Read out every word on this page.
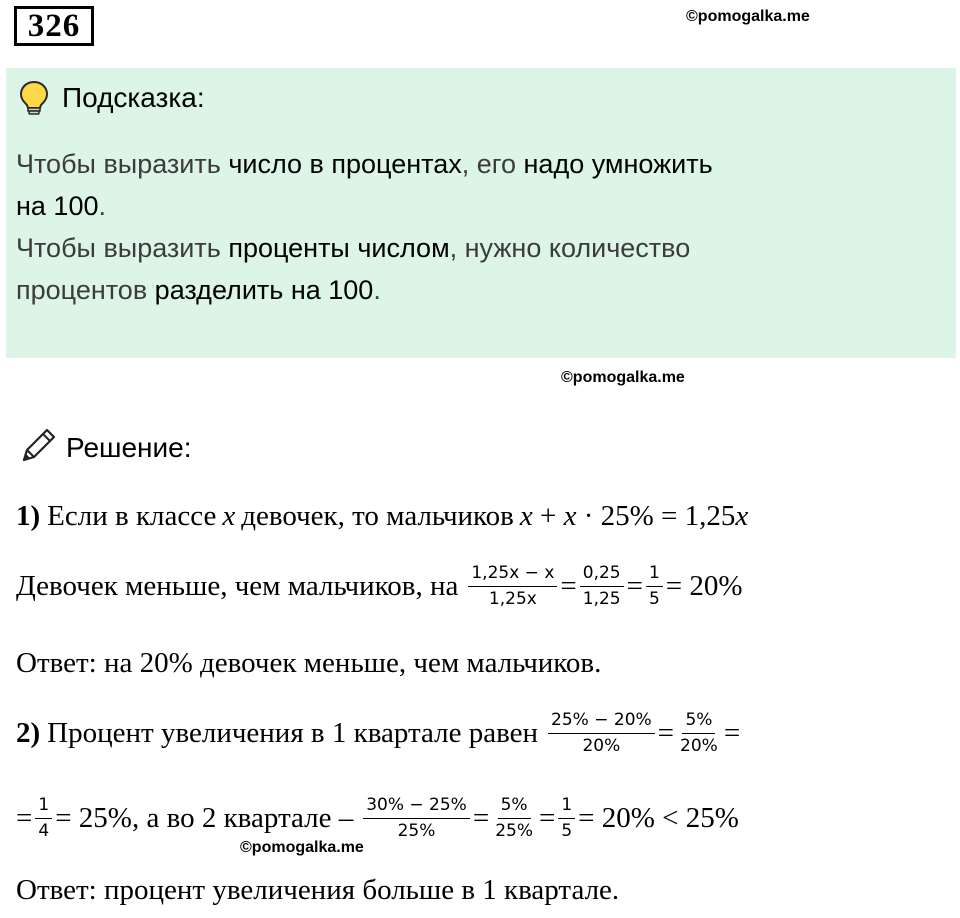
326	©pomogalka.me
Подсказка:
Чтобы выразить число в процентах, его надо умножить
на 100.
Чтобы выразить проценты числом, нужно количество
процентов разделить на 100.
©pomogalka.me
Решение:
1) Если в классе x девочек, то мальчиков x + x · 25% = 1,25 x
Девочек меньше, чем мальчиков, на $\frac{1,25x - x}{1,25x} = \frac{0,25}{1,25} = \frac{1}{5} = 20\%$
Ответ: на 20% девочек меньше, чем мальчиков.
2) Процент увеличения в 1 квартале равен $\frac{25\% - 20\%}{20\%} = \frac{5\%}{20\%}$ =
= $\frac{1}{4} = 25\%$, а во 2 квартале – $\frac{30\% - 25\%}{25\%} = \frac{5\%}{25\%} = \frac{1}{5} = 20\% < 25\%$
©pomogalka.me
Ответ: процент увеличения больше в 1 квартале.
